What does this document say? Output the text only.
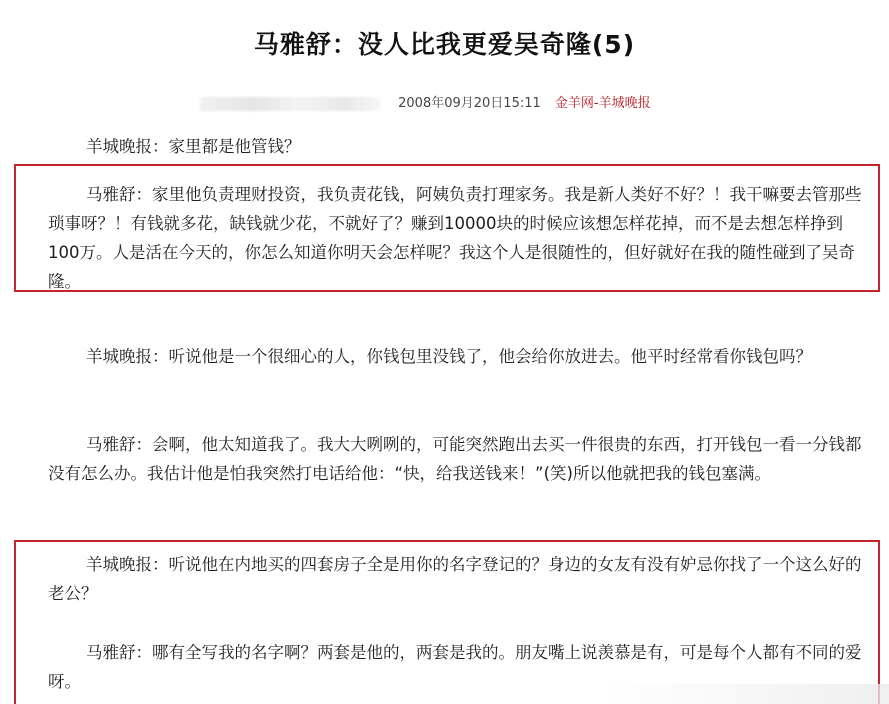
马雅舒：没人比我更爱吴奇隆(5)
2008年09月20日15:11 金羊网-羊城晚报

羊城晚报：家里都是他管钱？

马雅舒：家里他负责理财投资，我负责花钱，阿姨负责打理家务。我是新人类好不好？！我干嘛要去管那些琐事呀？！有钱就多花，缺钱就少花，不就好了？赚到10000块的时候应该想怎样花掉，而不是去想怎样挣到100万。人是活在今天的，你怎么知道你明天会怎样呢？我这个人是很随性的，但好就好在我的随性碰到了吴奇隆。

羊城晚报：听说他是一个很细心的人，你钱包里没钱了，他会给你放进去。他平时经常看你钱包吗？

马雅舒：会啊，他太知道我了。我大大咧咧的，可能突然跑出去买一件很贵的东西，打开钱包一看一分钱都没有怎么办。我估计他是怕我突然打电话给他：“快，给我送钱来！”(笑)所以他就把我的钱包塞满。

羊城晚报：听说他在内地买的四套房子全是用你的名字登记的？身边的女友有没有妒忌你找了一个这么好的老公？

马雅舒：哪有全写我的名字啊？两套是他的，两套是我的。朋友嘴上说羡慕是有，可是每个人都有不同的爱呀。
